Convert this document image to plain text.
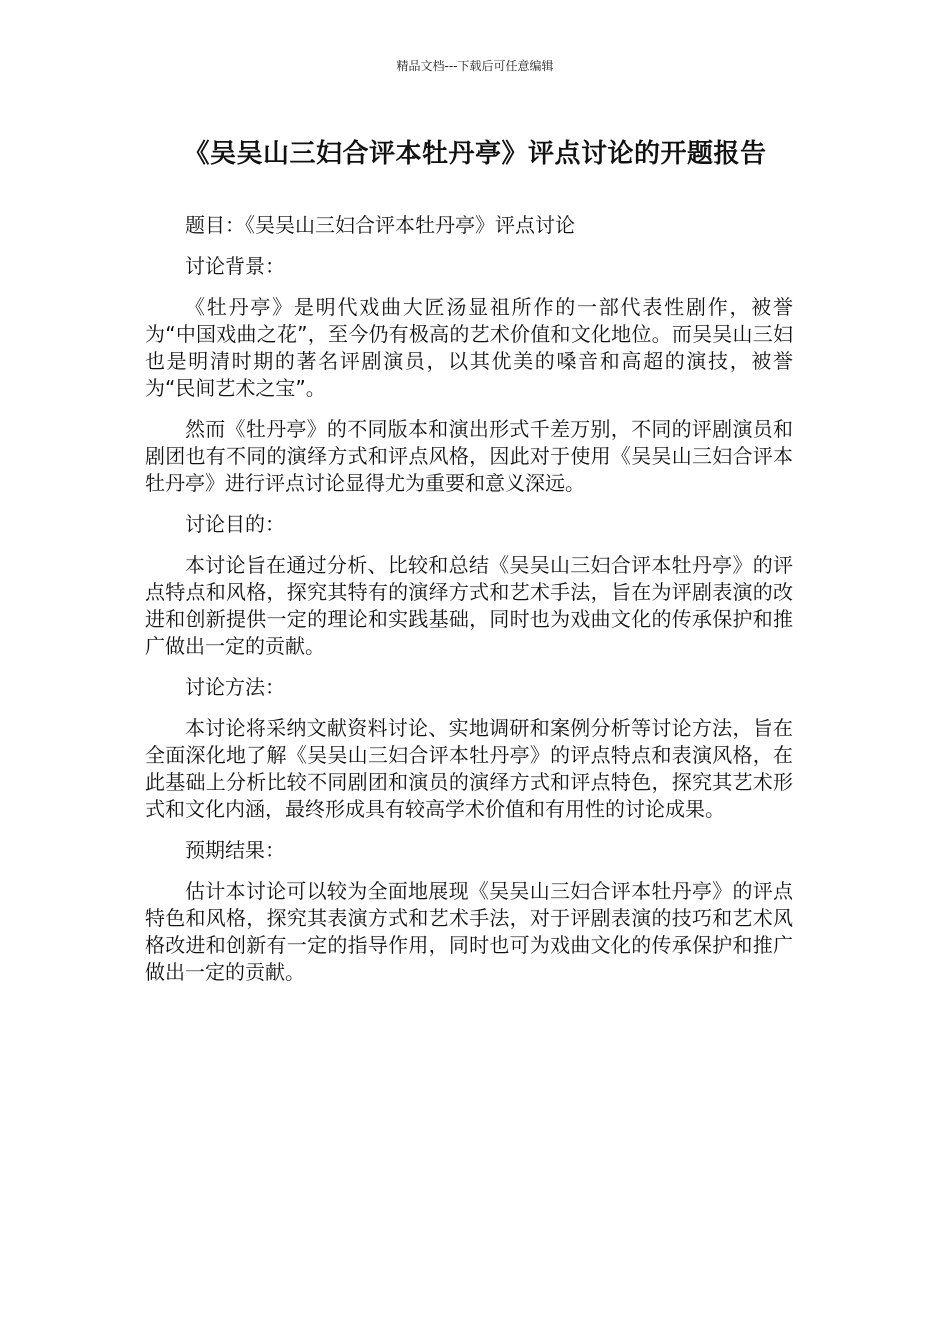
精品文档---下载后可任意编辑
《吴吴山三妇合评本牡丹亭》评点讨论的开题报告

题目：《吴吴山三妇合评本牡丹亭》评点讨论

讨论背景：

《牡丹亭》是明代戏曲大匠汤显祖所作的一部代表性剧作，被誉为“中国戏曲之花”，至今仍有极高的艺术价值和文化地位。而吴吴山三妇也是明清时期的著名评剧演员，以其优美的嗓音和高超的演技，被誉为“民间艺术之宝”。

然而《牡丹亭》的不同版本和演出形式千差万别，不同的评剧演员和剧团也有不同的演绎方式和评点风格，因此对于使用《吴吴山三妇合评本牡丹亭》进行评点讨论显得尤为重要和意义深远。

讨论目的：

本讨论旨在通过分析、比较和总结《吴吴山三妇合评本牡丹亭》的评点特点和风格，探究其特有的演绎方式和艺术手法，旨在为评剧表演的改进和创新提供一定的理论和实践基础，同时也为戏曲文化的传承保护和推广做出一定的贡献。

讨论方法：

本讨论将采纳文献资料讨论、实地调研和案例分析等讨论方法，旨在全面深化地了解《吴吴山三妇合评本牡丹亭》的评点特点和表演风格，在此基础上分析比较不同剧团和演员的演绎方式和评点特色，探究其艺术形式和文化内涵，最终形成具有较高学术价值和有用性的讨论成果。

预期结果：

估计本讨论可以较为全面地展现《吴吴山三妇合评本牡丹亭》的评点特色和风格，探究其表演方式和艺术手法，对于评剧表演的技巧和艺术风格改进和创新有一定的指导作用，同时也可为戏曲文化的传承保护和推广做出一定的贡献。
